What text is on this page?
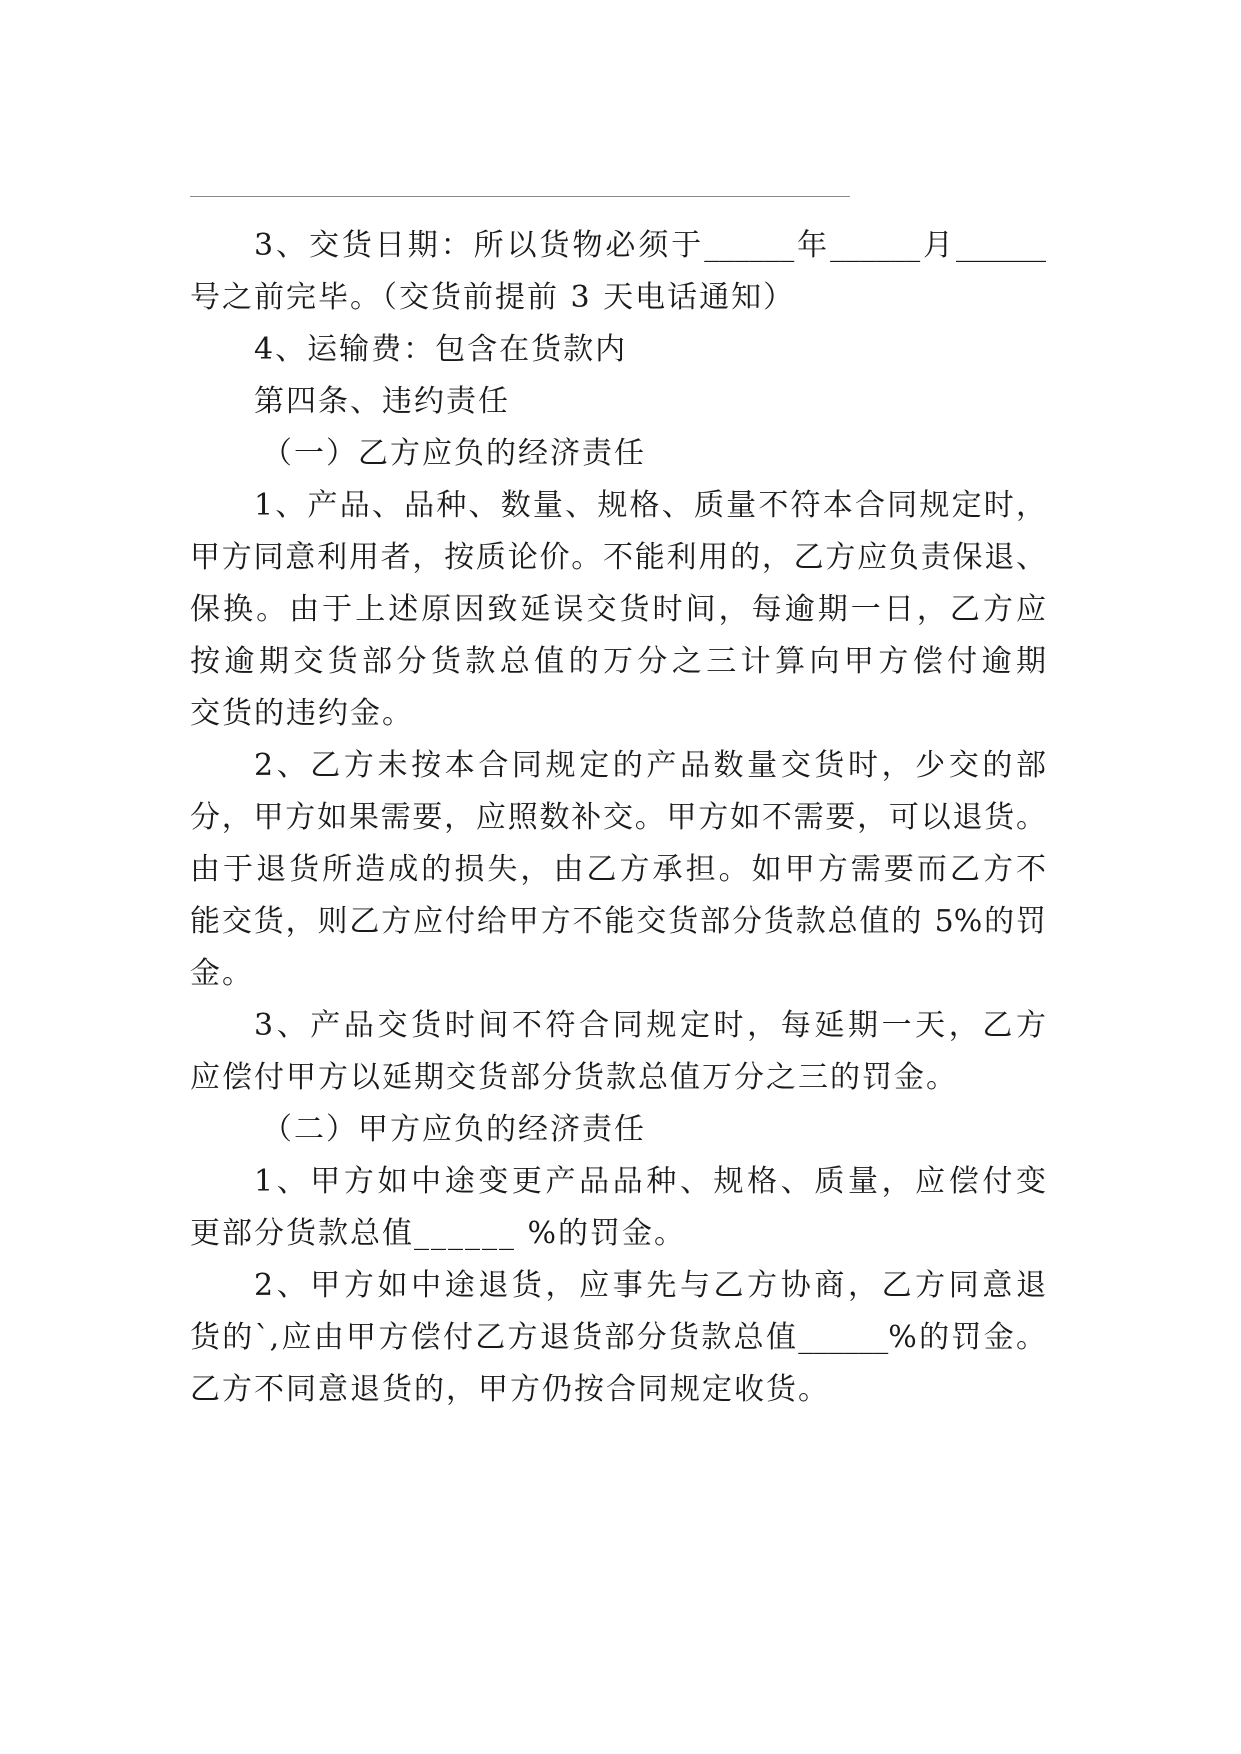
3、交货日期：所以货物必须于______年______月______
号之前完毕。（交货前提前 3 天电话通知）
4、运输费：包含在货款内
第四条、违约责任
（一）乙方应负的经济责任
1、产品、品种、数量、规格、质量不符本合同规定时，
甲方同意利用者，按质论价。不能利用的，乙方应负责保退、
保换。由于上述原因致延误交货时间，每逾期一日，乙方应
按逾期交货部分货款总值的万分之三计算向甲方偿付逾期
交货的违约金。
2、乙方未按本合同规定的产品数量交货时，少交的部
分，甲方如果需要，应照数补交。甲方如不需要，可以退货。
由于退货所造成的损失，由乙方承担。如甲方需要而乙方不
能交货，则乙方应付给甲方不能交货部分货款总值的 5%的罚
金。
3、产品交货时间不符合同规定时，每延期一天，乙方
应偿付甲方以延期交货部分货款总值万分之三的罚金。
（二）甲方应负的经济责任
1、甲方如中途变更产品品种、规格、质量，应偿付变
更部分货款总值______ %的罚金。
2、甲方如中途退货，应事先与乙方协商，乙方同意退
货的`,应由甲方偿付乙方退货部分货款总值______%的罚金。
乙方不同意退货的，甲方仍按合同规定收货。
